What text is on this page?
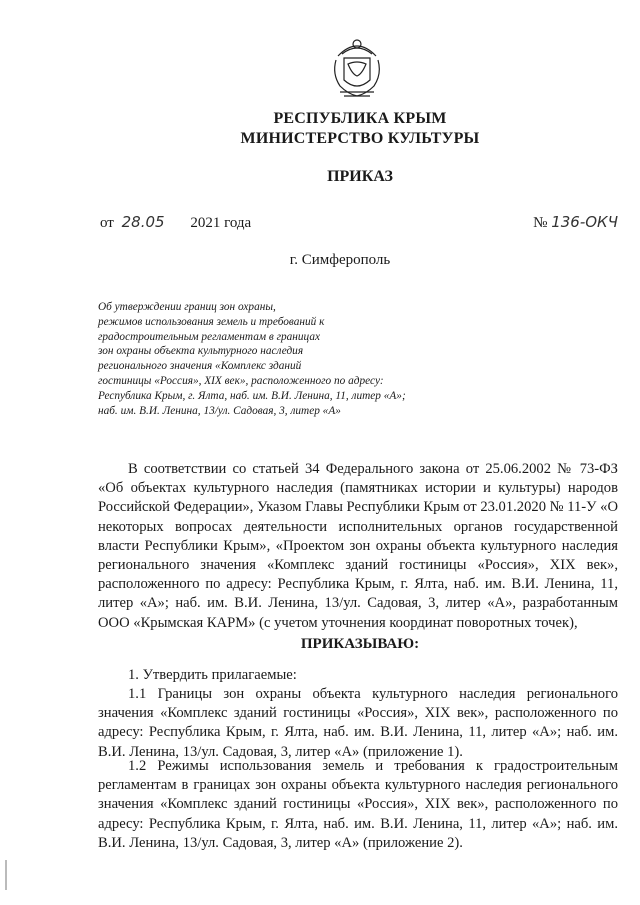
РЕСПУБЛИКА КРЫМ
МИНИСТЕРСТВО КУЛЬТУРЫ
ПРИКАЗ
от 28.05 2021 года	№ 136-ОКЧ
г. Симферополь
Об утверждении границ зон охраны,
режимов использования земель и требований к
градостроительным регламентам в границах
зон охраны объекта культурного наследия
регионального значения «Комплекс зданий
гостиницы «Россия», XIX век», расположенного по адресу:
Республика Крым, г. Ялта, наб. им. В.И. Ленина, 11, литер «А»;
наб. им. В.И. Ленина, 13/ул. Садовая, 3, литер «А»
В соответствии со статьей 34 Федерального закона от 25.06.2002 № 73-ФЗ «Об объектах культурного наследия (памятниках истории и культуры) народов Российской Федерации», Указом Главы Республики Крым от 23.01.2020 № 11-У «О некоторых вопросах деятельности исполнительных органов государственной власти Республики Крым», «Проектом зон охраны объекта культурного наследия регионального значения «Комплекс зданий гостиницы «Россия», XIX век», расположенного по адресу: Республика Крым, г. Ялта, наб. им. В.И. Ленина, 11, литер «А»; наб. им. В.И. Ленина, 13/ул. Садовая, 3, литер «А», разработанным ООО «Крымская КАРМ» (с учетом уточнения координат поворотных точек),
ПРИКАЗЫВАЮ:
1. Утвердить прилагаемые:
1.1 Границы зон охраны объекта культурного наследия регионального значения «Комплекс зданий гостиницы «Россия», XIX век», расположенного по адресу: Республика Крым, г. Ялта, наб. им. В.И. Ленина, 11, литер «А»; наб. им. В.И. Ленина, 13/ул. Садовая, 3, литер «А» (приложение 1).
1.2 Режимы использования земель и требования к градостроительным регламентам в границах зон охраны объекта культурного наследия регионального значения «Комплекс зданий гостиницы «Россия», XIX век», расположенного по адресу: Республика Крым, г. Ялта, наб. им. В.И. Ленина, 11, литер «А»; наб. им. В.И. Ленина, 13/ул. Садовая, 3, литер «А» (приложение 2).
